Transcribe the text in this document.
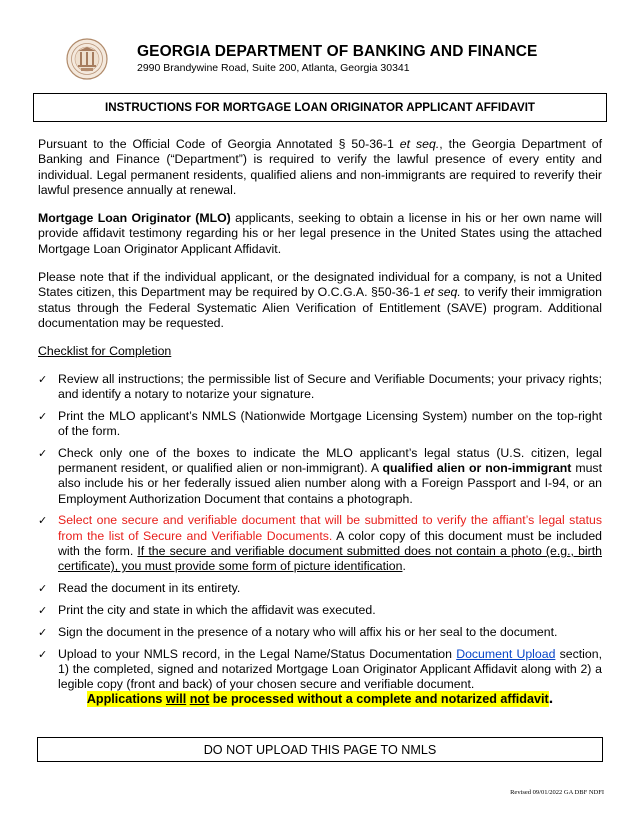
GEORGIA DEPARTMENT OF BANKING AND FINANCE
2990 Brandywine Road, Suite 200, Atlanta, Georgia 30341
INSTRUCTIONS FOR MORTGAGE LOAN ORIGINATOR APPLICANT AFFIDAVIT

Pursuant to the Official Code of Georgia Annotated § 50-36-1 et seq., the Georgia Department of Banking and Finance (“Department”) is required to verify the lawful presence of every entity and individual. Legal permanent residents, qualified aliens and non-immigrants are required to reverify their lawful presence annually at renewal.

Mortgage Loan Originator (MLO) applicants, seeking to obtain a license in his or her own name will provide affidavit testimony regarding his or her legal presence in the United States using the attached Mortgage Loan Originator Applicant Affidavit.

Please note that if the individual applicant, or the designated individual for a company, is not a United States citizen, this Department may be required by O.C.G.A. §50-36-1 et seq. to verify their immigration status through the Federal Systematic Alien Verification of Entitlement (SAVE) program. Additional documentation may be requested.

Checklist for Completion
✓ Review all instructions; the permissible list of Secure and Verifiable Documents; your privacy rights; and identify a notary to notarize your signature.
✓ Print the MLO applicant’s NMLS (Nationwide Mortgage Licensing System) number on the top-right of the form.
✓ Check only one of the boxes to indicate the MLO applicant’s legal status (U.S. citizen, legal permanent resident, or qualified alien or non-immigrant). A qualified alien or non-immigrant must also include his or her federally issued alien number along with a Foreign Passport and I-94, or an Employment Authorization Document that contains a photograph.
✓ Select one secure and verifiable document that will be submitted to verify the affiant’s legal status from the list of Secure and Verifiable Documents. A color copy of this document must be included with the form. If the secure and verifiable document submitted does not contain a photo (e.g., birth certificate), you must provide some form of picture identification.
✓ Read the document in its entirety.
✓ Print the city and state in which the affidavit was executed.
✓ Sign the document in the presence of a notary who will affix his or her seal to the document.
✓ Upload to your NMLS record, in the Legal Name/Status Documentation Document Upload section, 1) the completed, signed and notarized Mortgage Loan Originator Applicant Affidavit along with 2) a legible copy (front and back) of your chosen secure and verifiable document.
Applications will not be processed without a complete and notarized affidavit.
DO NOT UPLOAD THIS PAGE TO NMLS
Revised 09/01/2022 GA DBF NDFI
